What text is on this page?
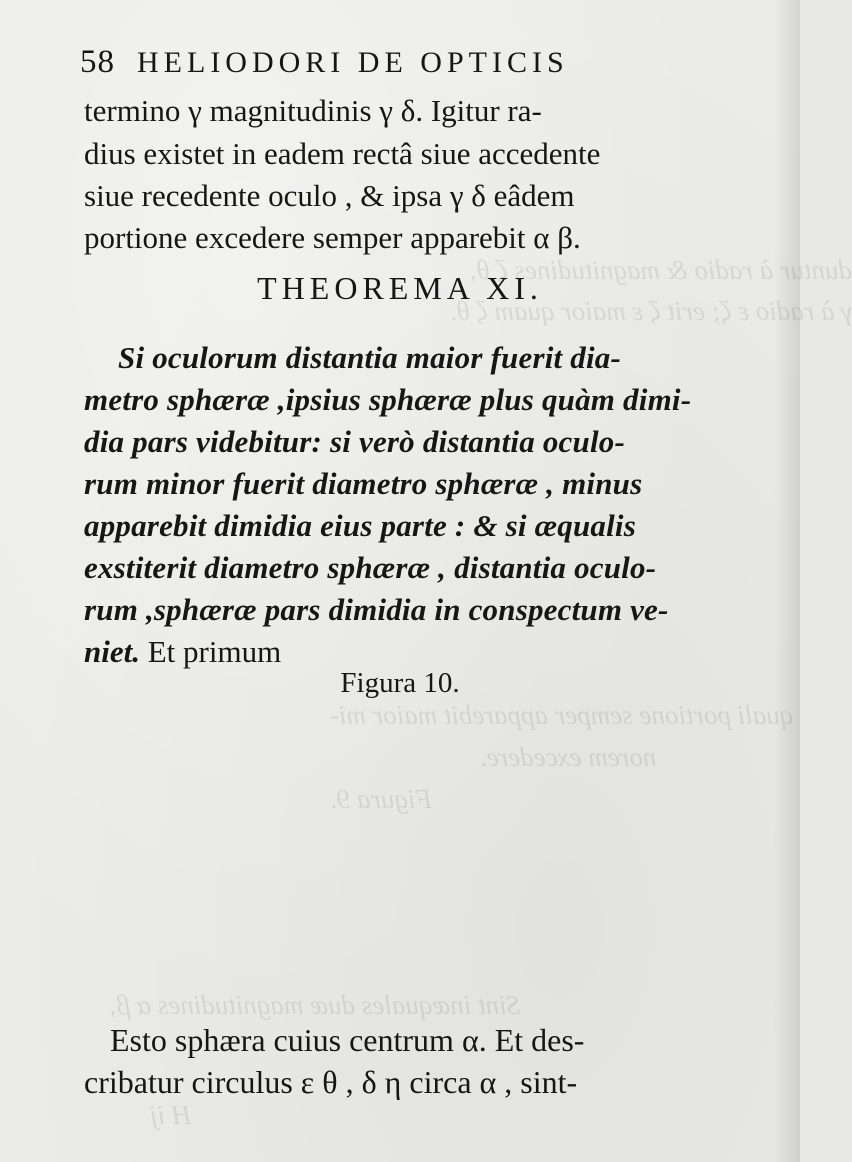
duntur à radio & magnitudines ζ θ,
γ à radio ε ζ; erit ζ ε maior quam ζ θ.
quali portione semper apparebit maior mi-
norem excedere.
Figura 9.
Sint inæquales duæ magnitudines α β,
H ij
58 HELIODORI DE OPTICIS
termino γ magnitudinis γ δ. Igitur ra-
dius existet in eadem rectâ siue accedente
siue recedente oculo , & ipsa γ δ eâdem
portione excedere semper apparebit α β.
THEOREMA XI.
Si oculorum distantia maior fuerit dia-
metro sphæræ ,ipsius sphæræ plus quàm dimi-
dia pars videbitur: si verò distantia oculo-
rum minor fuerit diametro sphæræ , minus
apparebit dimidia eius parte : & si æqualis
exstiterit diametro sphæræ , distantia oculo-
rum ,sphæræ pars dimidia in conspectum ve-
niet. Et primum
Figura 10.
Esto sphæra cuius centrum α. Et des-
cribatur circulus ε θ , δ η circa α , sint-
